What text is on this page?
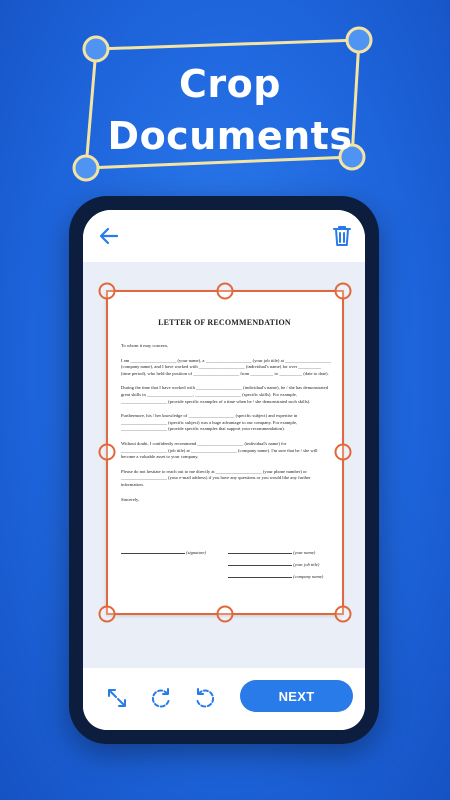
Crop
Documents
LETTER OF RECOMMENDATION

To whom it may concern,

I am ____________________ (your name), a ____________________ (your job title) at ____________________ (company name), and I have worked with ____________________ (individual's name) for over __________ (time period), who held the position of ____________________ from __________ to __________ (date to date).

During the time that I have worked with ____________________ (individual's name), he / she has demonstrated great skills in ____________________, ____________________ (specific skills). For example, ____________________ (provide specific examples of a time when he / she demonstrated such skills).

Furthermore, his / her knowledge of ____________________ (specific subject) and expertise in ____________________ (specific subject) was a huge advantage to our company. For example, ____________________ (provide specific examples that support your recommendation).

Without doubt, I confidently recommend ____________________ (individual's name) for ____________________ (job title) at ____________________ (company name). I'm sure that he / she will become a valuable asset to your company.

Please do not hesitate to reach out to me directly at ____________________ (your phone number) or ____________________ (your e-mail address) if you have any questions or you would like any further information.

Sincerely,

(signature)	(your name)
(your job title)
(company name)
NEXT
